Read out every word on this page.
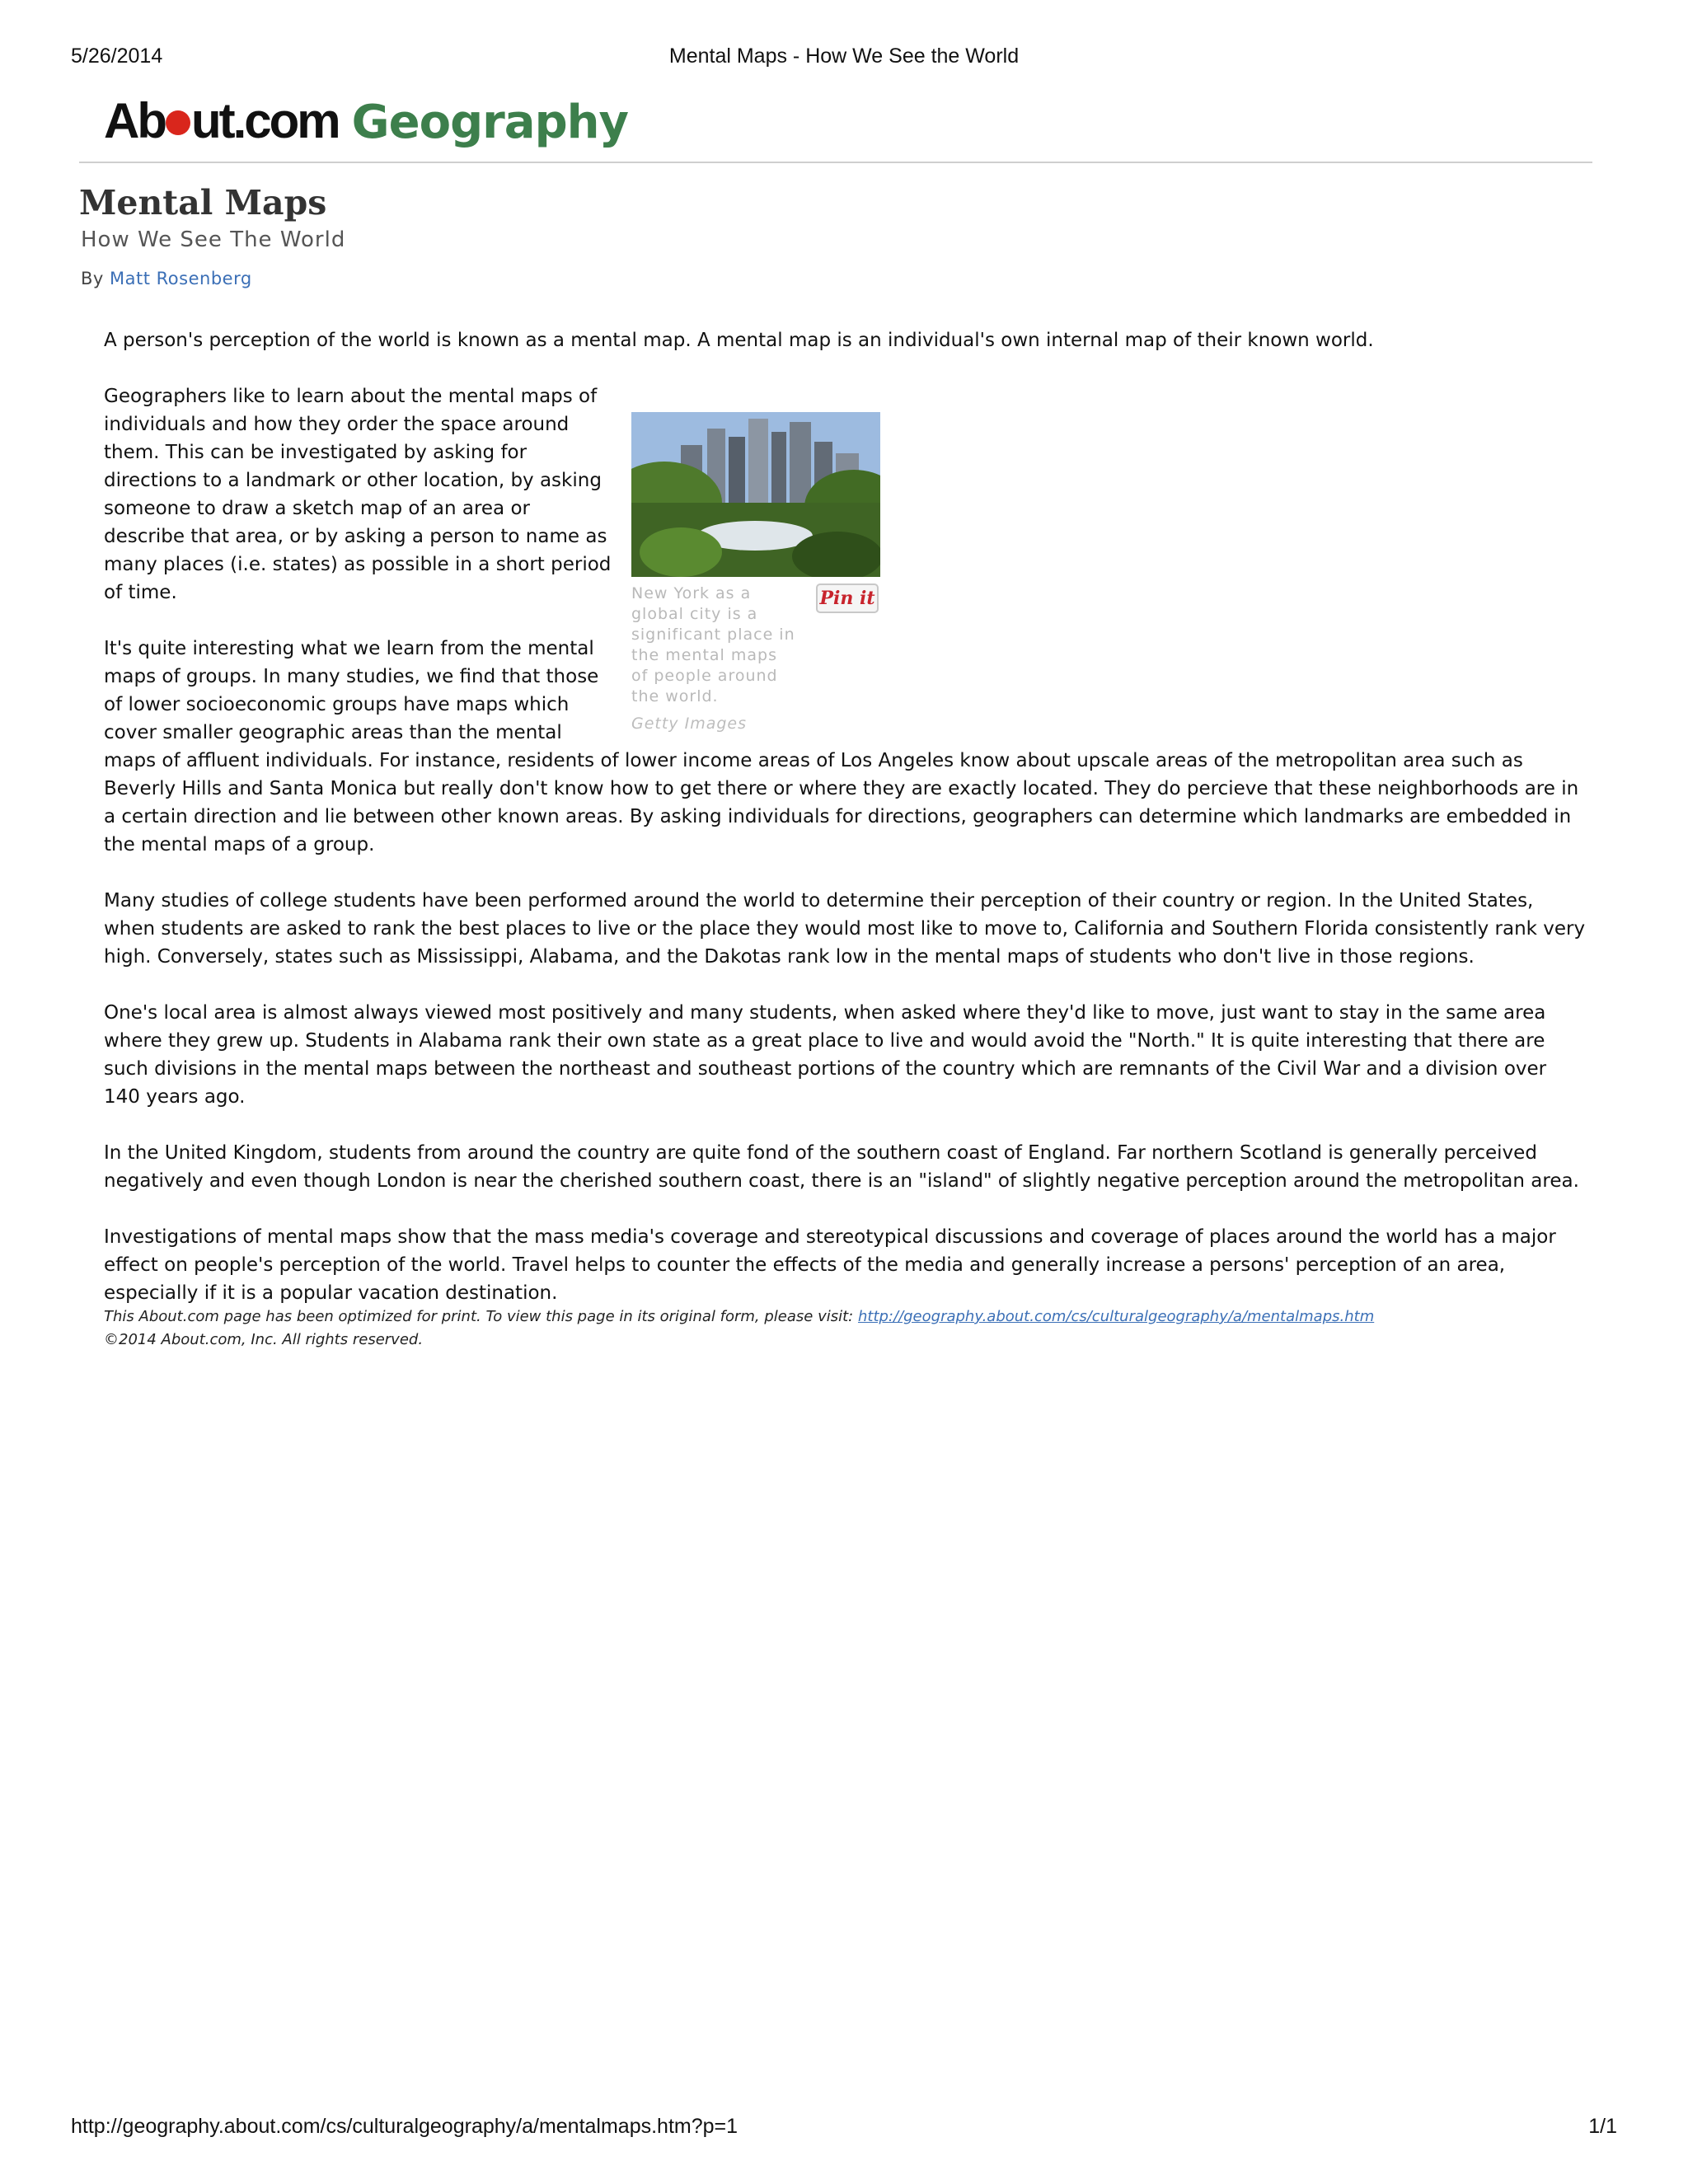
5/26/2014	Mental Maps - How We See the World
Ab ut.com Geography
Mental Maps
How We See The World
By Matt Rosenberg

A person's perception of the world is known as a mental map. A mental map is an individual's own internal map of their known world.

New York as a global city is a significant place in the mental maps of people around the world.
Getty Images
Pin it

Geographers like to learn about the mental maps of individuals and how they order the space around them. This can be investigated by asking for directions to a landmark or other location, by asking someone to draw a sketch map of an area or describe that area, or by asking a person to name as many places (i.e. states) as possible in a short period of time.

It's quite interesting what we learn from the mental maps of groups. In many studies, we find that those of lower socioeconomic groups have maps which cover smaller geographic areas than the mental maps of affluent individuals. For instance, residents of lower income areas of Los Angeles know about upscale areas of the metropolitan area such as Beverly Hills and Santa Monica but really don't know how to get there or where they are exactly located. They do percieve that these neighborhoods are in a certain direction and lie between other known areas. By asking individuals for directions, geographers can determine which landmarks are embedded in the mental maps of a group.

Many studies of college students have been performed around the world to determine their perception of their country or region. In the United States, when students are asked to rank the best places to live or the place they would most like to move to, California and Southern Florida consistently rank very high. Conversely, states such as Mississippi, Alabama, and the Dakotas rank low in the mental maps of students who don't live in those regions.

One's local area is almost always viewed most positively and many students, when asked where they'd like to move, just want to stay in the same area where they grew up. Students in Alabama rank their own state as a great place to live and would avoid the "North." It is quite interesting that there are such divisions in the mental maps between the northeast and southeast portions of the country which are remnants of the Civil War and a division over 140 years ago.

In the United Kingdom, students from around the country are quite fond of the southern coast of England. Far northern Scotland is generally perceived negatively and even though London is near the cherished southern coast, there is an "island" of slightly negative perception around the metropolitan area.

Investigations of mental maps show that the mass media's coverage and stereotypical discussions and coverage of places around the world has a major effect on people's perception of the world. Travel helps to counter the effects of the media and generally increase a persons' perception of an area, especially if it is a popular vacation destination.

This About.com page has been optimized for print. To view this page in its original form, please visit: http://geography.about.com/cs/culturalgeography/a/mentalmaps.htm
©2014 About.com, Inc. All rights reserved.
http://geography.about.com/cs/culturalgeography/a/mentalmaps.htm?p=1	1/1
